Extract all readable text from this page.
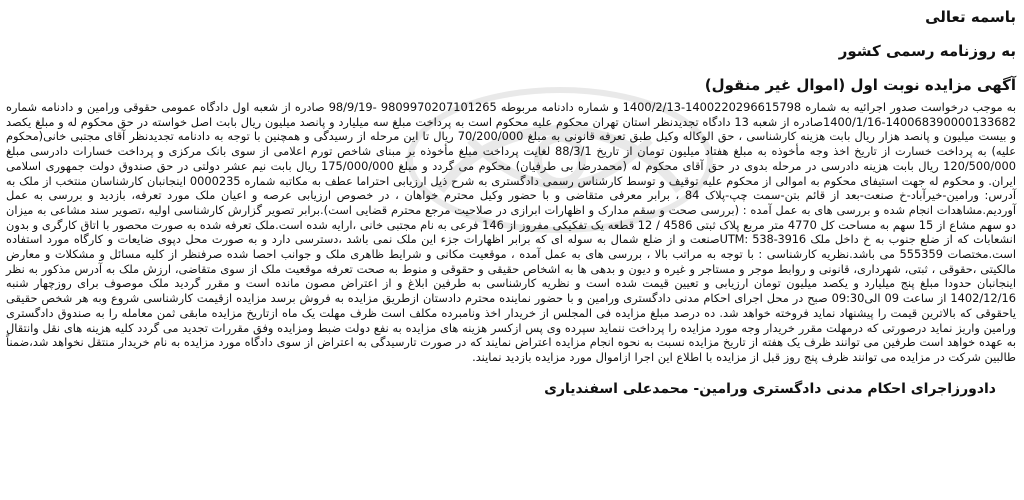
باسمه تعالی
به روزنامه رسمی کشور
آگهی مزایده نوبت اول (اموال غیر منقول)

به موجب درخواست صدور اجرائیه به شماره 1400220296615798-1400/2/13 و شماره دادنامه مربوطه 9809970207101265 -98/9/19 صادره از شعبه اول دادگاه عمومی حقوقی ورامین و دادنامه شماره 140068390000133682-1400/1/16صادره از شعبه 13 دادگاه تجدیدنظر استان تهران محکوم علیه محکوم است به پرداخت مبلغ سه میلیارد و پانصد میلیون ریال بابت اصل خواسته در حق محکوم له و مبلغ یکصد و بیست میلیون و پانصد هزار ریال بابت هزینه کارشناسی ، حق الوکاله وکیل طبق تعرفه قانونی به مبلغ 70/200/000 ریال تا این مرحله از رسیدگی و همچنین با توجه به دادنامه تجدیدنظر آقای مجتبی خانی(محکوم علیه) به پرداخت خسارت از تاریخ اخذ وجه مأخوذه به مبلغ هفتاد میلیون تومان از تاریخ 88/3/1 لغایت پرداخت مبلغ مأخوذه بر مبنای شاخص تورم اعلامی از سوی بانک مرکزی و پرداخت خسارات دادرسی مبلغ 120/500/000 ریال بابت هزینه دادرسی در مرحله بدوی در حق آقای محکوم له (محمدرضا بی طرفیان) محکوم می گردد و مبلغ 175/000/000 ریال بابت نیم عشر دولتی در حق صندوق دولت جمهوری اسلامی ایران. و محکوم له جهت استیفای محکوم به اموالی از محکوم علیه توقیف و توسط کارشناس رسمی دادگستری به شرح ذیل ارزیابی احتراما عطف به مکاتبه شماره 0000235 اینجانبان کارشناسان منتخب از ملک به آدرس: ورامین-خیرآباد-خ صنعت-بعد از قائم بتن-سمت چپ-پلاک 84 ، برابر معرفی متقاضی و با حضور وکیل محترم خواهان ، در خصوص ارزیابی عرصه و اعیان ملک مورد تعرفه، بازدید و بررسی به عمل آوردیم.مشاهدات انجام شده و بررسی های به عمل آمده : (بررسی صحت و سقم مدارک و اظهارات ابرازی در صلاحیت مرجع محترم قضایی است).برابر تصویر گزارش کارشناسی اولیه ،تصویر سند مشاعی به میزان دو سهم مشاع از 15 سهم به مساحت کل 4770 متر مربع پلاک ثبتی 4586 / 12 قطعه یک تفکیکی مفروز از 146 فرعی به نام مجتبی خانی ،ارایه شده است.ملک تعرفه شده به صورت محصور با اتاق کارگری و بدون انشعابات که از ضلع جنوب به خ داخل ملک UTM: 538-3916صنعت و از ضلع شمال به سوله ای که برابر اظهارات جزء این ملک نمی باشد ،دسترسی دارد و به صورت محل دپوی ضایعات و کارگاه مورد استفاده است.مختصات 555359 می باشد.نظریه کارشناسی : با توجه به مراتب بالا ، بررسی های به عمل آمده ، موقعیت مکانی و شرایط ظاهری ملک و جوانب احصا شده صرفنظر از کلیه مسائل و مشکلات و معارض مالکیتی ،حقوقی ، ثبتی، شهرداری، قانونی و روابط موجر و مستاجر و غیره و دیون و بدهی ها به اشخاص حقیقی و حقوقی و منوط به صحت تعرفه موقعیت ملک از سوی متقاضی، ارزش ملک به آدرس مذکور به نظر اینجانبان حدودا مبلغ پنج میلیارد و یکصد میلیون تومان ارزیابی و تعیین قیمت شده است و نظریه کارشناسی به طرفین ابلاغ و از اعتراض مصون مانده است و مقرر گردید ملک موصوف برای روزچهار شنبه 1402/12/16 از ساعت 09 الی09:30 صبح در محل اجرای احکام مدنی دادگستری ورامین و با حضور نماینده محترم دادستان ازطریق مزایده به فروش برسد مزایده ازقیمت کارشناسی شروع وبه هر شخص حقیقی یاحقوقی که بالاترین قیمت را پیشنهاد نماید فروخته خواهد شد. ده درصد مبلغ مزایده فی المجلس از خریدار اخذ ونامبرده مکلف است ظرف مهلت یک ماه ازتاریخ مزایده مابقی ثمن معامله را به صندوق دادگستری ورامین واریز نماید درصورتی که درمهلت مقرر خریدار وجه مورد مزایده را پرداخت ننماید سپرده وی پس ازکسر هزینه های مزایده به نفع دولت ضبط ومزایده وفق مقررات تجدید می گردد کلیه هزینه های نقل وانتقال به عهده خواهد است طرفین می توانند ظرف یک هفته از تاریخ مزایده نسبت به نحوه انجام مزایده اعتراض نمایند که در صورت تارسیدگی به اعتراض از سوی دادگاه مورد مزایده به نام خریدار منتقل نخواهد شد،ضمناً طالبین شرکت در مزایده می توانند ظرف پنج روز قبل از مزایده با اطلاع این اجرا ازاموال مورد مزایده بازدید نمایند.

دادورزاجرای احکام مدنی دادگستری ورامین- محمدعلی اسفندیاری
